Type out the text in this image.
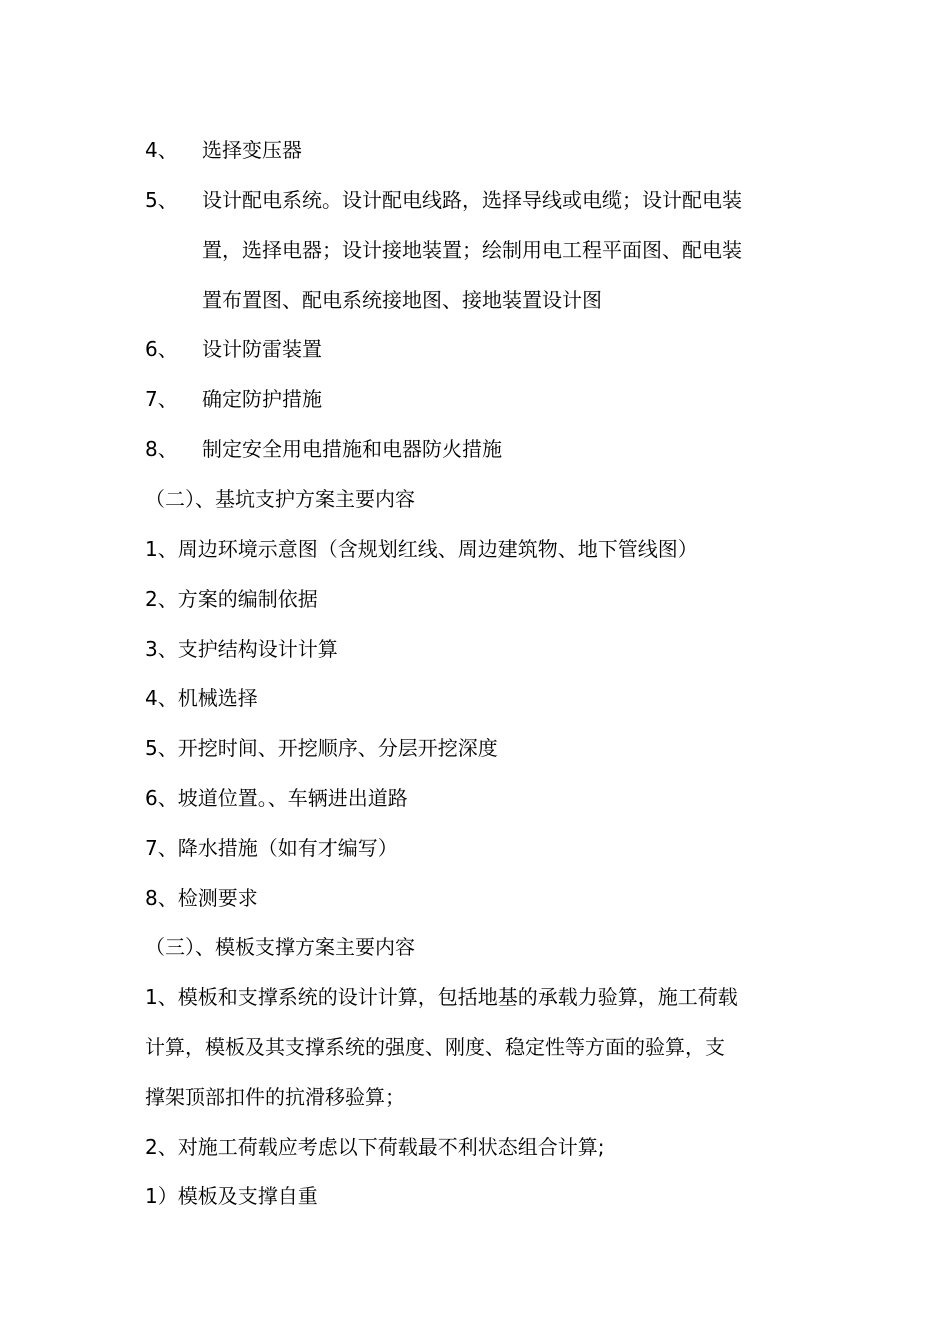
4、 选择变压器
5、 设计配电系统。设计配电线路，选择导线或电缆；设计配电装
置，选择电器；设计接地装置；绘制用电工程平面图、配电装
置布置图、配电系统接地图、接地装置设计图
6、 设计防雷装置
7、 确定防护措施
8、 制定安全用电措施和电器防火措施
（二）、基坑支护方案主要内容
1、周边环境示意图（含规划红线、周边建筑物、地下管线图）
2、方案的编制依据
3、支护结构设计计算
4、机械选择
5、开挖时间、开挖顺序、分层开挖深度
6、坡道位置。、车辆进出道路
7、降水措施（如有才编写）
8、检测要求
（三）、模板支撑方案主要内容
1、模板和支撑系统的设计计算，包括地基的承载力验算，施工荷载
计算，模板及其支撑系统的强度、刚度、稳定性等方面的验算，支
撑架顶部扣件的抗滑移验算；
2、对施工荷载应考虑以下荷载最不利状态组合计算;
1）模板及支撑自重
